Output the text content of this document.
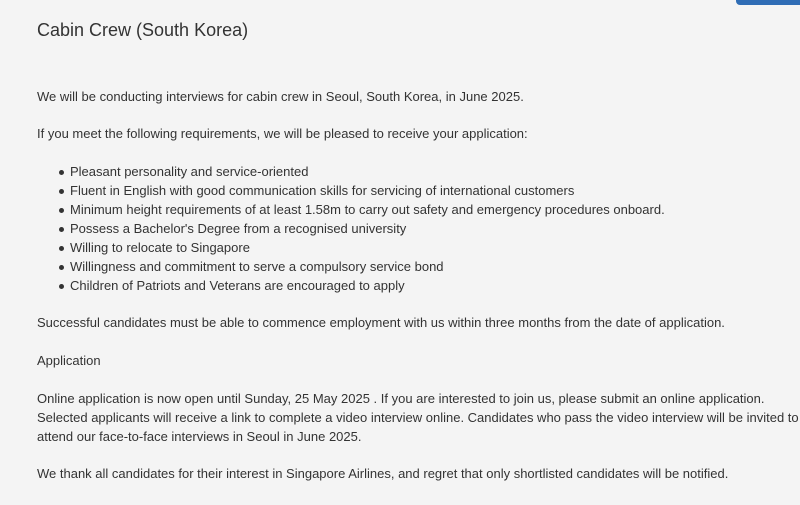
Cabin Crew (South Korea)

We will be conducting interviews for cabin crew in Seoul, South Korea, in June 2025.

If you meet the following requirements, we will be pleased to receive your application:

Pleasant personality and service-oriented
Fluent in English with good communication skills for servicing of international customers
Minimum height requirements of at least 1.58m to carry out safety and emergency procedures onboard.
Possess a Bachelor's Degree from a recognised university
Willing to relocate to Singapore
Willingness and commitment to serve a compulsory service bond
Children of Patriots and Veterans are encouraged to apply

Successful candidates must be able to commence employment with us within three months from the date of application.

Application

Online application is now open until Sunday, 25 May 2025 . If you are interested to join us, please submit an online application.
Selected applicants will receive a link to complete a video interview online. Candidates who pass the video interview will be invited to
attend our face-to-face interviews in Seoul in June 2025.

We thank all candidates for their interest in Singapore Airlines, and regret that only shortlisted candidates will be notified.
